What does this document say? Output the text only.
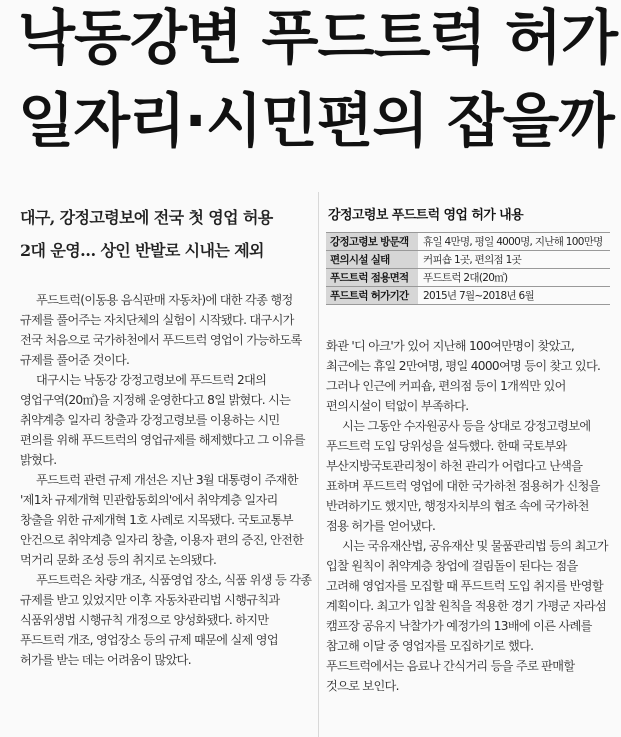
낙동강변 푸드트럭 허가
일자리·시민편의 잡을까
대구, 강정고령보에 전국 첫 영업 허용
2대 운영… 상인 반발로 시내는 제외

푸드트럭(이동용 음식판매 자동차)에 대한 각종 행정 규제를 풀어주는 자치단체의 실험이 시작됐다. 대구시가 전국 처음으로 국가하천에서 푸드트럭 영업이 가능하도록 규제를 풀어준 것이다.

대구시는 낙동강 강정고령보에 푸드트럭 2대의 영업구역(20㎡)을 지정해 운영한다고 8일 밝혔다. 시는 취약계층 일자리 창출과 강정고령보를 이용하는 시민 편의를 위해 푸드트럭의 영업규제를 해제했다고 그 이유를 밝혔다.

푸드트럭 관련 규제 개선은 지난 3월 대통령이 주재한 '제1차 규제개혁 민관합동회의'에서 취약계층 일자리 창출을 위한 규제개혁 1호 사례로 지목됐다. 국토교통부 안건으로 취약계층 일자리 창출, 이용자 편의 증진, 안전한 먹거리 문화 조성 등의 취지로 논의됐다.

푸드트럭은 차량 개조, 식품영업 장소, 식품 위생 등 각종 규제를 받고 있었지만 이후 자동차관리법 시행규칙과 식품위생법 시행규칙 개정으로 양성화됐다. 하지만 푸드트럭 개조, 영업장소 등의 규제 때문에 실제 영업 허가를 받는 데는 어려움이 많았다.

강정고령보 푸드트럭 영업 허가 내용
강정고령보 방문객	휴일 4만명, 평일 4000명, 지난해 100만명
편의시설 실태	커피숍 1곳, 편의점 1곳
푸드트럭 점용면적	푸드트럭 2대(20㎡)
푸드트럭 허가기간	2015년 7월~2018년 6월

화관 '디 아크'가 있어 지난해 100여만명이 찾았고, 최근에는 휴일 2만여명, 평일 4000여명 등이 찾고 있다. 그러나 인근에 커피숍, 편의점 등이 1개씩만 있어 편의시설이 턱없이 부족하다.

시는 그동안 수자원공사 등을 상대로 강정고령보에 푸드트럭 도입 당위성을 설득했다. 한때 국토부와 부산지방국토관리청이 하천 관리가 어렵다고 난색을 표하며 푸드트럭 영업에 대한 국가하천 점용허가 신청을 반려하기도 했지만, 행정자치부의 협조 속에 국가하천 점용 허가를 얻어냈다.

시는 국유재산법, 공유재산 및 물품관리법 등의 최고가 입찰 원칙이 취약계층 창업에 걸림돌이 된다는 점을 고려해 영업자를 모집할 때 푸드트럭 도입 취지를 반영할 계획이다. 최고가 입찰 원칙을 적용한 경기 가평군 자라섬 캠프장 공유지 낙찰가가 예정가의 13배에 이른 사례를 참고해 이달 중 영업자를 모집하기로 했다. 푸드트럭에서는 음료나 간식거리 등을 주로 판매할 것으로 보인다.
